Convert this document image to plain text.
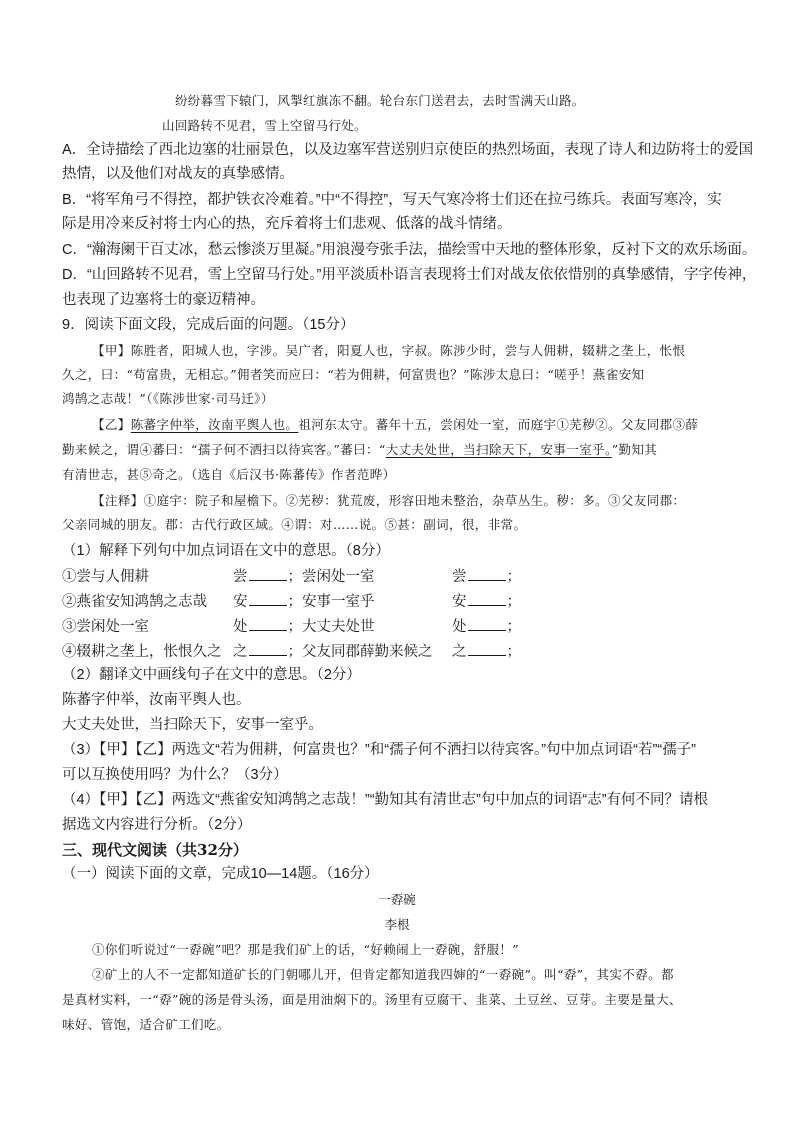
纷纷暮雪下辕门，风掣红旗冻不翻。轮台东门送君去，去时雪满天山路。
山回路转不见君，雪上空留马行处。
A．全诗描绘了西北边塞的壮丽景色，以及边塞军营送别归京使臣的热烈场面，表现了诗人和边防将士的爱国
热情，以及他们对战友的真挚感情。
B．“将军角弓不得控，都护铁衣冷难着。”中“不得控”，写天气寒冷将士们还在拉弓练兵。表面写寒冷，实
际是用冷来反衬将士内心的热，充斥着将士们悲观、低落的战斗情绪。
C．“瀚海阑干百丈冰，愁云惨淡万里凝。”用浪漫夸张手法，描绘雪中天地的整体形象，反衬下文的欢乐场面。
D．“山回路转不见君，雪上空留马行处。”用平淡质朴语言表现将士们对战友依依惜别的真挚感情，字字传神，
也表现了边塞将士的豪迈精神。
9．阅读下面文段，完成后面的问题。（15分）
【甲】陈胜者，阳城人也，字涉。吴广者，阳夏人也，字叔。陈涉少时，尝与人佣耕，辍耕之垄上，怅恨
久之，曰：“苟富贵，无相忘。”佣者笑而应曰：“若为佣耕，何富贵也？”陈涉太息曰：“嗟乎！燕雀安知
鸿鹄之志哉！”（《陈涉世家·司马迁》）
【乙】陈蕃字仲举，汝南平舆人也。祖河东太守。蕃年十五，尝闲处一室，而庭宇①芜秽②。父友同郡③薛
勤来候之，谓④蕃曰：“孺子何不洒扫以待宾客。”蕃曰：“大丈夫处世，当扫除天下，安事一室乎。”勤知其
有清世志，甚⑤奇之。（选自《后汉书·陈蕃传》作者范晔）
【注释】①庭宇：院子和屋檐下。②芜秽：犹荒废，形容田地未整治，杂草丛生。秽：多。③父友同郡：
父亲同城的朋友。郡：古代行政区域。④谓：对……说。⑤甚：副词，很，非常。
（1）解释下列句中加点词语在文中的意思。（8分）
①尝与人佣耕	尝	；尝闲处一室	尝	；
②燕雀安知鸿鹄之志哉 安	；安事一室乎	安	；
③尝闲处一室	处	；大丈夫处世	处	；
④辍耕之垄上，怅恨久之 之	；父友同郡薛勤来候之 之	；
（2）翻译文中画线句子在文中的意思。（2分）
陈蕃字仲举，汝南平舆人也。
大丈夫处世，当扫除天下，安事一室乎。
（3）【甲】【乙】两选文“若为佣耕，何富贵也？”和“孺子何不洒扫以待宾客。”句中加点词语“若”“孺子”
可以互换使用吗？为什么？（3分）
（4）【甲】【乙】两选文“燕雀安知鸿鹄之志哉！”“勤知其有清世志”句中加点的词语“志”有何不同？请根
据选文内容进行分析。（2分）
三、现代文阅读（共32分）
（一）阅读下面的文章，完成10—14题。（16分）
一孬碗
李根
①你们听说过“一孬碗”吧？那是我们矿上的话，“好赖闹上一孬碗，舒服！”
②矿上的人不一定都知道矿长的门朝哪儿开，但肯定都知道我四婶的“一孬碗”。叫“孬”，其实不孬。都
是真材实料，一“孬”碗的汤是骨头汤，面是用油焖下的。汤里有豆腐干、韭菜、土豆丝、豆芽。主要是量大、
味好、管饱，适合矿工们吃。
